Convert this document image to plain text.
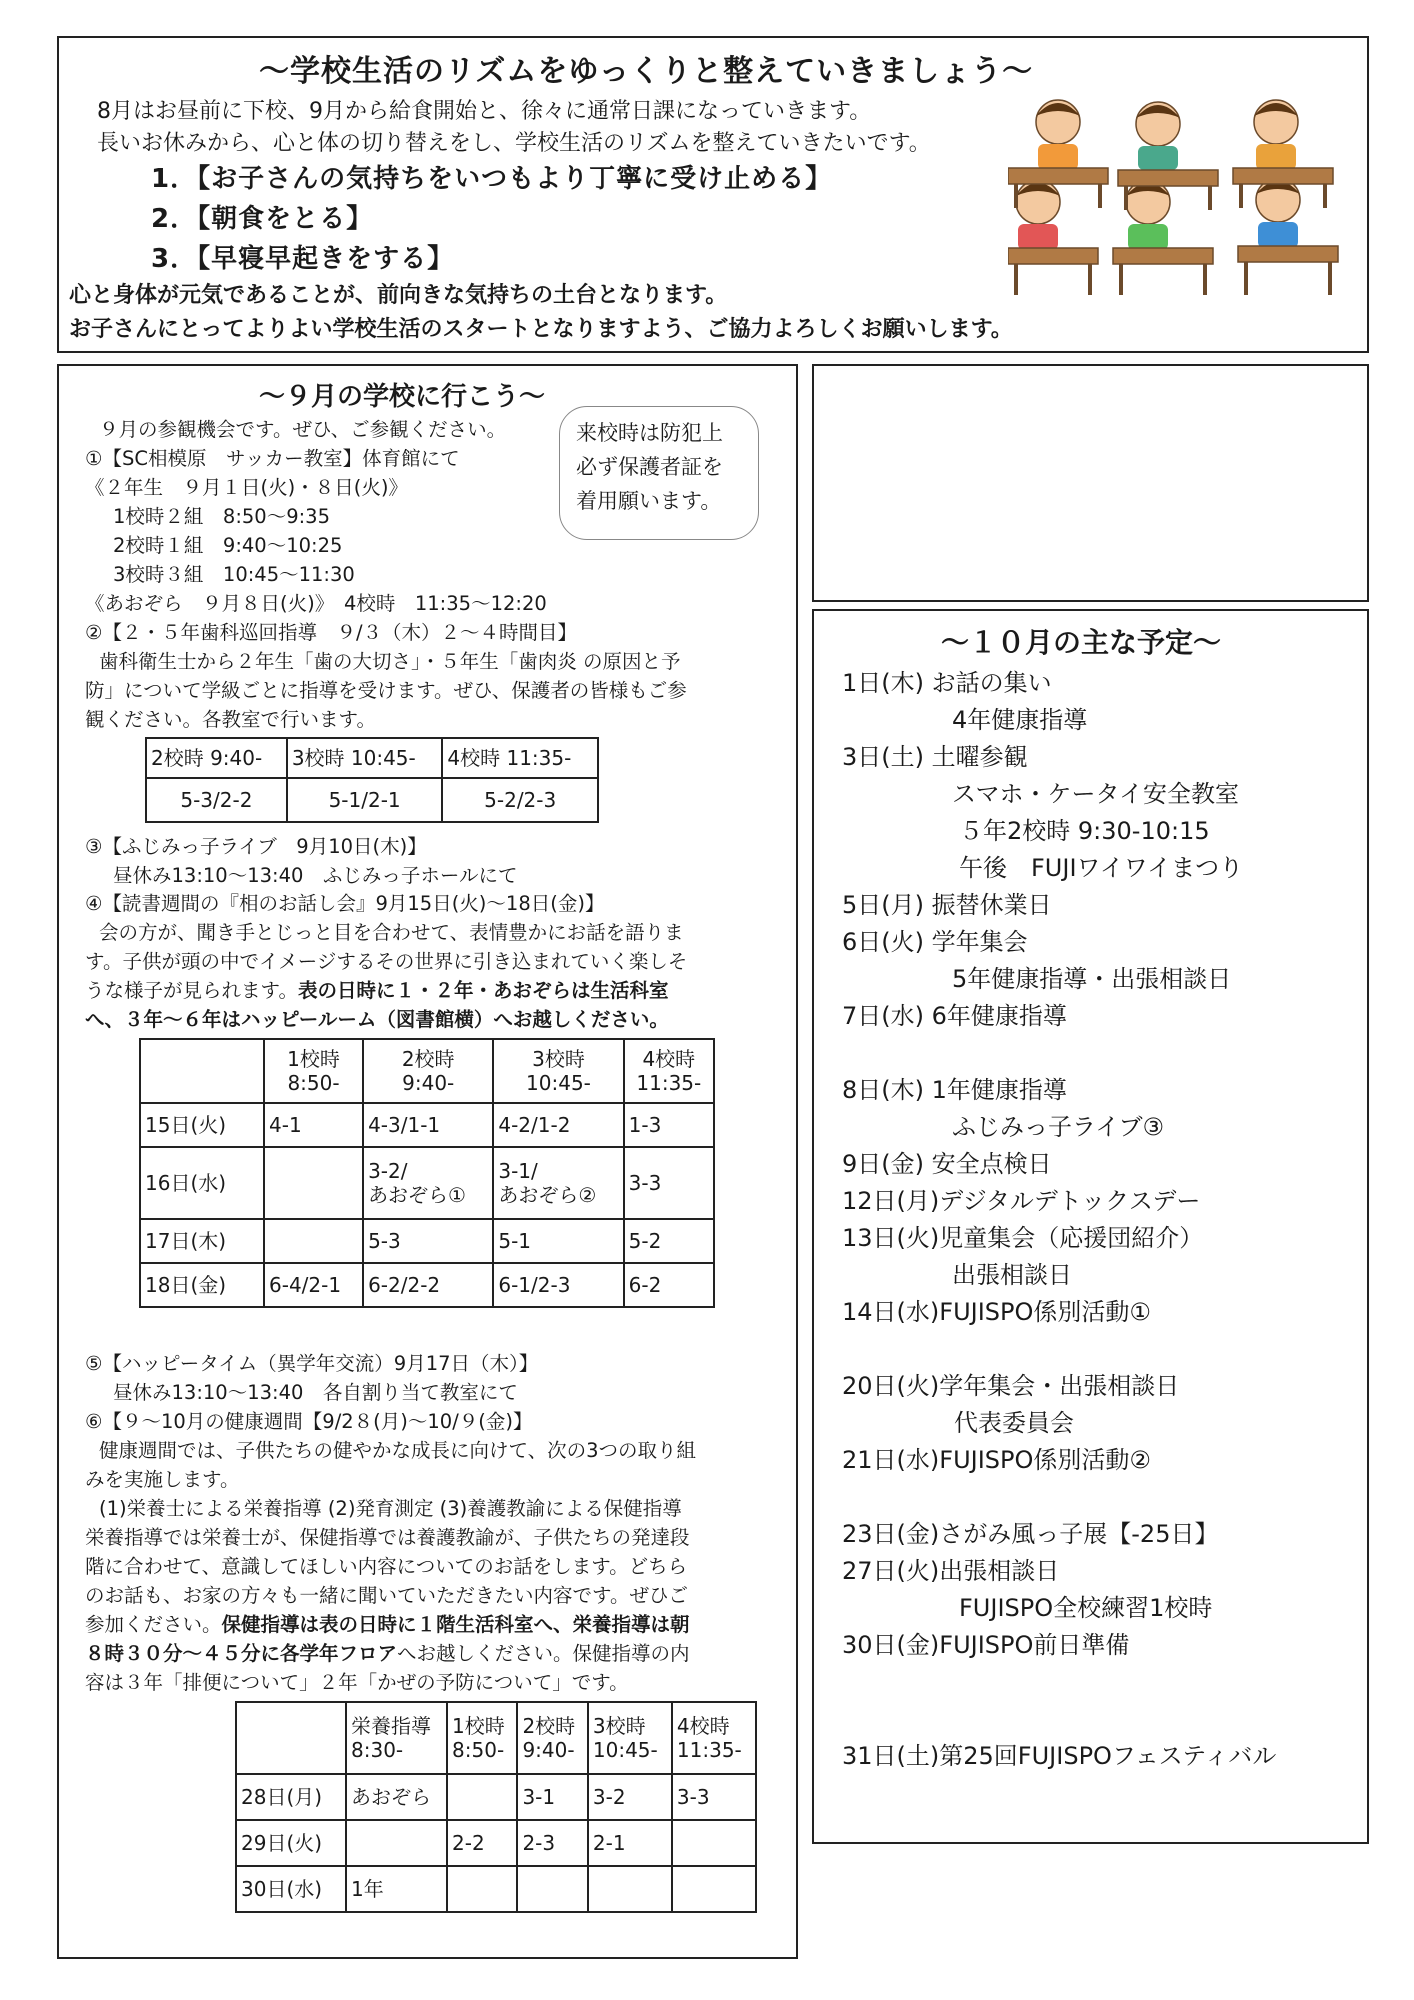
〜学校生活のリズムをゆっくりと整えていきましょう〜
8月はお昼前に下校、9月から給食開始と、徐々に通常日課になっていきます。
長いお休みから、心と体の切り替えをし、学校生活のリズムを整えていきたいです。
1．【お子さんの気持ちをいつもより丁寧に受け止める】
2．【朝食をとる】
3．【早寝早起きをする】
心と身体が元気であることが、前向きな気持ちの土台となります。
お子さんにとってよりよい学校生活のスタートとなりますよう、ご協力よろしくお願いします。
〜９月の学校に行こう〜
９月の参観機会です。ぜひ、ご参観ください。	来校時は防犯上
必ず保護者証を
着用願います。
①【SC相模原　サッカー教室】体育館にて
《２年生　９月１日(火)・８日(火)》
1校時２組　8:50〜9:35
2校時１組　9:40〜10:25
3校時３組　10:45〜11:30
《あおぞら　９月８日(火)》　4校時　11:35〜12:20
②【２・５年歯科巡回指導　９/３（木）２〜４時間目】
歯科衛生士から２年生「歯の大切さ」・５年生「歯肉炎 の原因と予
防」について学級ごとに指導を受けます。ぜひ、保護者の皆様もご参
観ください。各教室で行います。
2校時 9:40-	3校時 10:45-	4校時 11:35-
5-3/2-2	5-1/2-1	5-2/2-3
③【ふじみっ子ライブ　9月10日(木)】
昼休み13:10〜13:40　ふじみっ子ホールにて
④【読書週間の『相のお話し会』9月15日(火)〜18日(金)】
会の方が、聞き手とじっと目を合わせて、表情豊かにお話を語りま
す。子供が頭の中でイメージするその世界に引き込まれていく楽しそ
うな様子が見られます。表の日時に１・２年・あおぞらは生活科室
へ、３年〜６年はハッピールーム（図書館横）へお越しください。
	1校時
8:50-	2校時
9:40-	3校時
10:45-	4校時
11:35-
15日(火)	4-1	4-3/1-1	4-2/1-2	1-3
16日(水)		3-2/
あおぞら①	3-1/
あおぞら②	3-3
17日(木)		5-3	5-1	5-2
18日(金)	6-4/2-1	6-2/2-2	6-1/2-3	6-2
⑤【ハッピータイム（異学年交流）9月17日（木）】
昼休み13:10〜13:40　各自割り当て教室にて
⑥【９〜10月の健康週間【9/2８(月)〜10/９(金)】
健康週間では、子供たちの健やかな成長に向けて、次の3つの取り組
みを実施します。
(1)栄養士による栄養指導 (2)発育測定 (3)養護教諭による保健指導
栄養指導では栄養士が、保健指導では養護教諭が、子供たちの発達段
階に合わせて、意識してほしい内容についてのお話をします。どちら
のお話も、お家の方々も一緒に聞いていただきたい内容です。ぜひご
参加ください。保健指導は表の日時に１階生活科室へ、栄養指導は朝
８時３０分〜４５分に各学年フロアへお越しください。保健指導の内
容は３年「排便について」２年「かぜの予防について」です。
	栄養指導
8:30-	1校時
8:50-	2校時
9:40-	3校時
10:45-	4校時
11:35-
28日(月)	あおぞら		3-1	3-2	3-3
29日(火)		2-2	2-3	2-1	
30日(水)	1年				
〜１０月の主な予定〜
1日(木) お話の集い
4年健康指導
3日(土) 土曜参観
スマホ・ケータイ安全教室
５年2校時 9:30-10:15
午後　FUJIワイワイまつり
5日(月) 振替休業日
6日(火) 学年集会
5年健康指導・出張相談日
7日(水) 6年健康指導
8日(木) 1年健康指導
ふじみっ子ライブ③
9日(金) 安全点検日
12日(月)デジタルデトックスデー
13日(火)児童集会（応援団紹介）
出張相談日
14日(水)FUJISPO係別活動①
20日(火)学年集会・出張相談日
代表委員会
21日(水)FUJISPO係別活動②
23日(金)さがみ風っ子展【-25日】
27日(火)出張相談日
FUJISPO全校練習1校時
30日(金)FUJISPO前日準備
31日(土)第25回FUJISPOフェスティバル
